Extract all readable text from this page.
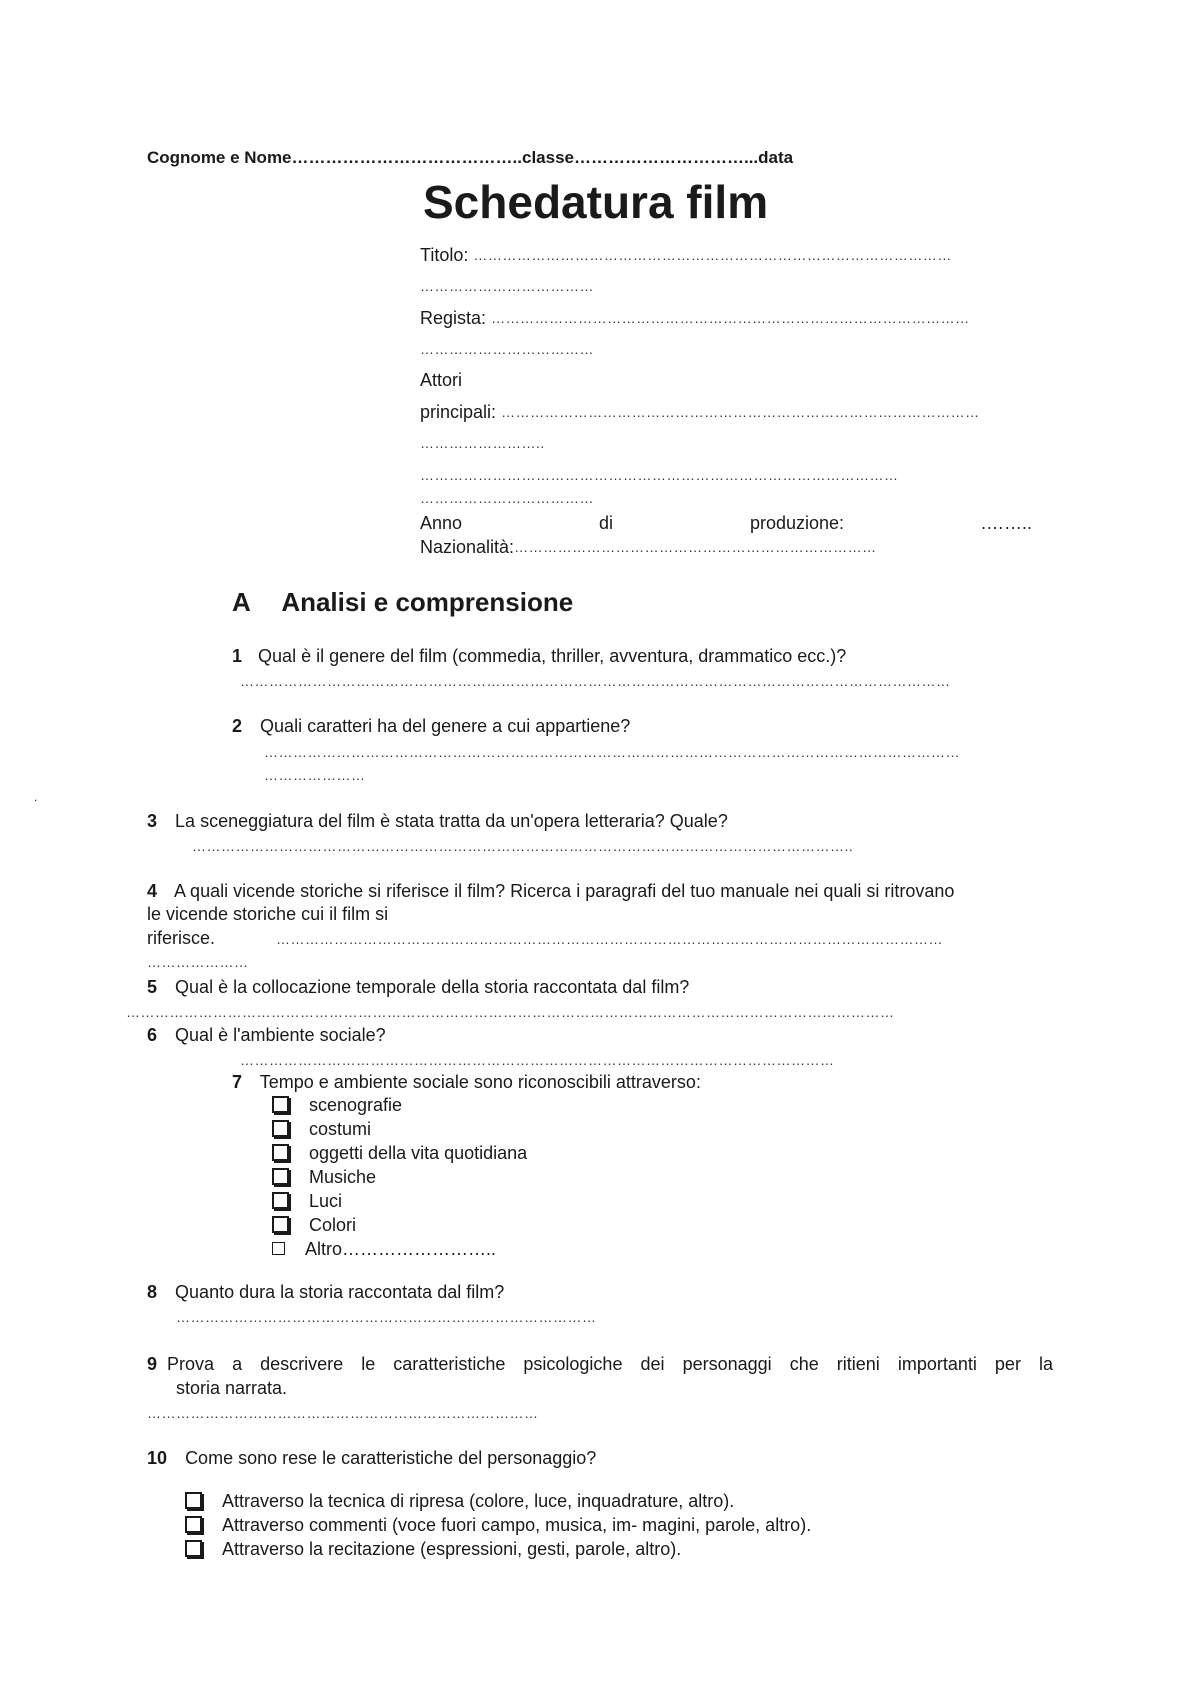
Cognome e Nome…………………………………..classe…………………………...data
Schedatura film
Titolo: ………………………………………………………………………………………
………………………………
Regista: ………………………………………………………………………………………
………………………………
Attori
principali: ………………………………………………………………………………………
……………………..
………………………………………………………………………………………
………………………………
Anno	di	produzione:	.……..
Nazionalità:…………………………………………………………………
A Analisi e comprensione
1 Qual è il genere del film (commedia, thriller, avventura, drammatico ecc.)?
…………………………………………………………………………………………………………………………………
2 Quali caratteri ha del genere a cui appartiene?
………………………………………………………………………………………………………………………………
…………………
.
3 La sceneggiatura del film è stata tratta da un'opera letteraria? Quale?
………………………………………………………………………………………………………………………..
4 A quali vicende storiche si riferisce il film? Ricerca i paragrafi del tuo manuale nei quali si ritrovano
le vicende storiche cui il film si
riferisce.	…………………………………………………………………………………………………………………………
…………………
5 Qual è la collocazione temporale della storia raccontata dal film?
……………………………………………………………………………………………………………………………………………
6 Qual è l'ambiente sociale?
……………………………………………………………………………………………………………
7 Tempo e ambiente sociale sono riconoscibili attraverso:
scenografie
costumi
oggetti della vita quotidiana
Musiche
Luci
Colori
Altro……………………..
8 Quanto dura la storia raccontata dal film?
……………………………………………………………………………
9 Prova a descrivere le caratteristiche psicologiche dei personaggi che ritieni importanti per la
storia narrata.
………………………………………………………………………
10 Come sono rese le caratteristiche del personaggio?
Attraverso la tecnica di ripresa (colore, luce, inquadrature, altro).
Attraverso commenti (voce fuori campo, musica, im- magini, parole, altro).
Attraverso la recitazione (espressioni, gesti, parole, altro).
